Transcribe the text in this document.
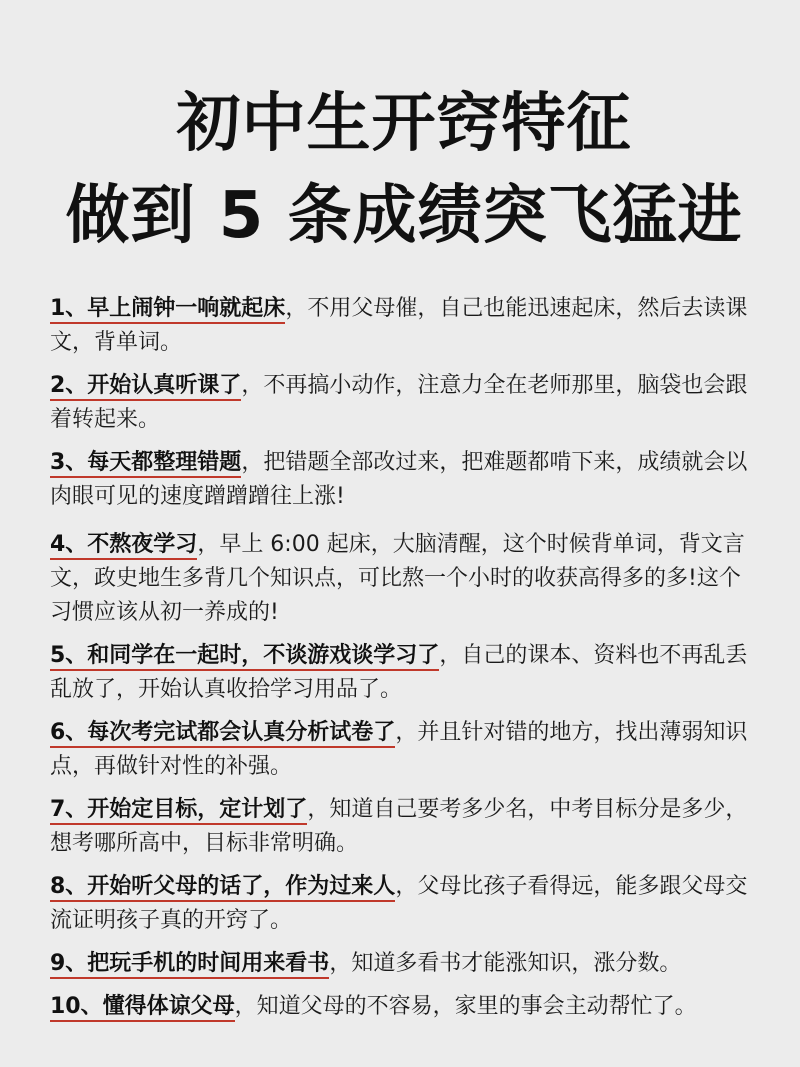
初中生开窍特征
做到 5 条成绩突飞猛进
1、早上闹钟一响就起床，不用父母催，自己也能迅速起床，然后去读课文，背单词。
2、开始认真听课了，不再搞小动作，注意力全在老师那里，脑袋也会跟着转起来。
3、每天都整理错题，把错题全部改过来，把难题都啃下来，成绩就会以肉眼可见的速度蹭蹭蹭往上涨!
4、不熬夜学习，早上 6:00 起床，大脑清醒，这个时候背单词，背文言文，政史地生多背几个知识点，可比熬一个小时的收获高得多的多!这个习惯应该从初一养成的!
5、和同学在一起时，不谈游戏谈学习了，自己的课本、资料也不再乱丢乱放了，开始认真收拾学习用品了。
6、每次考完试都会认真分析试卷了，并且针对错的地方，找出薄弱知识点，再做针对性的补强。
7、开始定目标，定计划了，知道自己要考多少名，中考目标分是多少，想考哪所高中，目标非常明确。
8、开始听父母的话了，作为过来人，父母比孩子看得远，能多跟父母交流证明孩子真的开窍了。
9、把玩手机的时间用来看书，知道多看书才能涨知识，涨分数。
10、懂得体谅父母，知道父母的不容易，家里的事会主动帮忙了。
